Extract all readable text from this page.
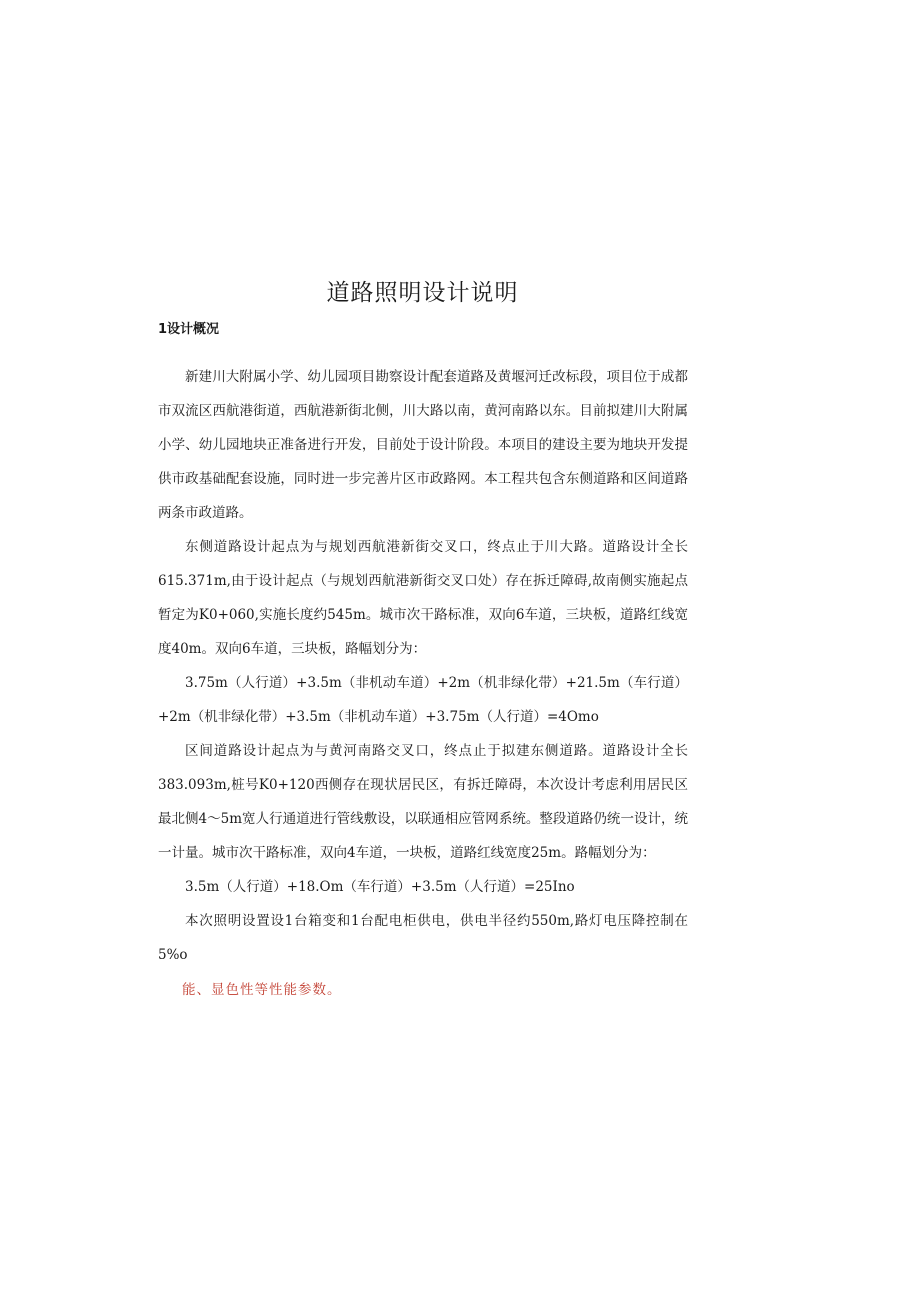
道路照明设计说明
1设计概况

新建川大附属小学、幼儿园项目勘察设计配套道路及黄堰河迁改标段，项目位于成都市双流区西航港街道，西航港新街北侧，川大路以南，黄河南路以东。目前拟建川大附属小学、幼儿园地块正准备进行开发，目前处于设计阶段。本项目的建设主要为地块开发提供市政基础配套设施，同时进一步完善片区市政路网。本工程共包含东侧道路和区间道路两条市政道路。

东侧道路设计起点为与规划西航港新街交叉口，终点止于川大路。道路设计全长615.371m,由于设计起点（与规划西航港新街交叉口处）存在拆迁障碍,故南侧实施起点暂定为K0+060,实施长度约545m。城市次干路标准，双向6车道，三块板，道路红线宽度40m。双向6车道，三块板，路幅划分为：

3.75m（人行道）+3.5m（非机动车道）+2m（机非绿化带）+21.5m（车行道）+2m（机非绿化带）+3.5m（非机动车道）+3.75m（人行道）=4Omo

区间道路设计起点为与黄河南路交叉口，终点止于拟建东侧道路。道路设计全长383.093m,桩号K0+120西侧存在现状居民区，有拆迁障碍，本次设计考虑利用居民区最北侧4～5m宽人行通道进行管线敷设，以联通相应管网系统。整段道路仍统一设计，统一计量。城市次干路标准，双向4车道，一块板，道路红线宽度25m。路幅划分为：

3.5m（人行道）+18.Om（车行道）+3.5m（人行道）=25Ino

本次照明设置设1台箱变和1台配电柜供电，供电半径约550m,路灯电压降控制在5%o

能、显色性等性能参数。
